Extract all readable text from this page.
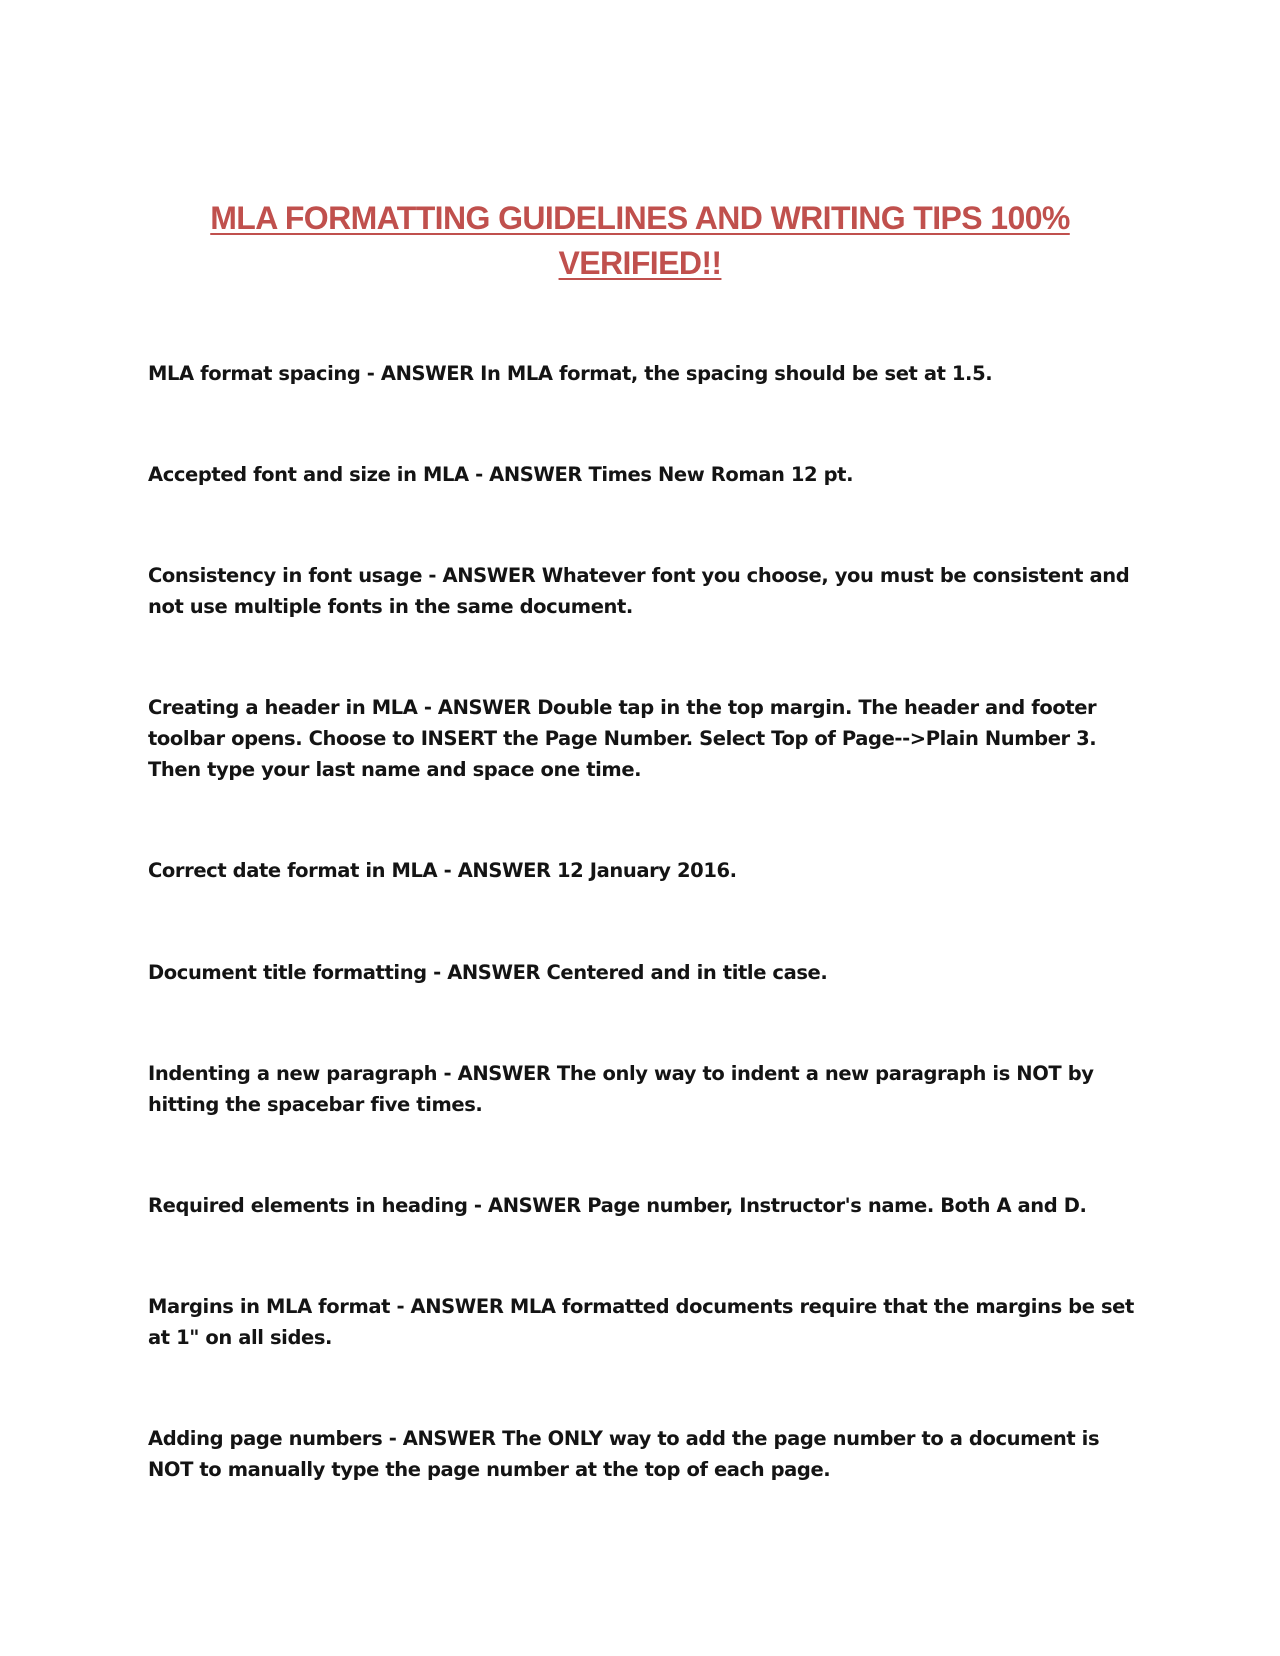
MLA FORMATTING GUIDELINES AND WRITING TIPS 100% VERIFIED!!
MLA format spacing - ANSWER In MLA format, the spacing should be set at 1.5.
Accepted font and size in MLA - ANSWER Times New Roman 12 pt.
Consistency in font usage - ANSWER Whatever font you choose, you must be consistent and not use multiple fonts in the same document.
Creating a header in MLA - ANSWER Double tap in the top margin. The header and footer toolbar opens. Choose to INSERT the Page Number. Select Top of Page-->Plain Number 3. Then type your last name and space one time.
Correct date format in MLA - ANSWER 12 January 2016.
Document title formatting - ANSWER Centered and in title case.
Indenting a new paragraph - ANSWER The only way to indent a new paragraph is NOT by hitting the spacebar five times.
Required elements in heading - ANSWER Page number, Instructor's name. Both A and D.
Margins in MLA format - ANSWER MLA formatted documents require that the margins be set at 1" on all sides.
Adding page numbers - ANSWER The ONLY way to add the page number to a document is NOT to manually type the page number at the top of each page.
